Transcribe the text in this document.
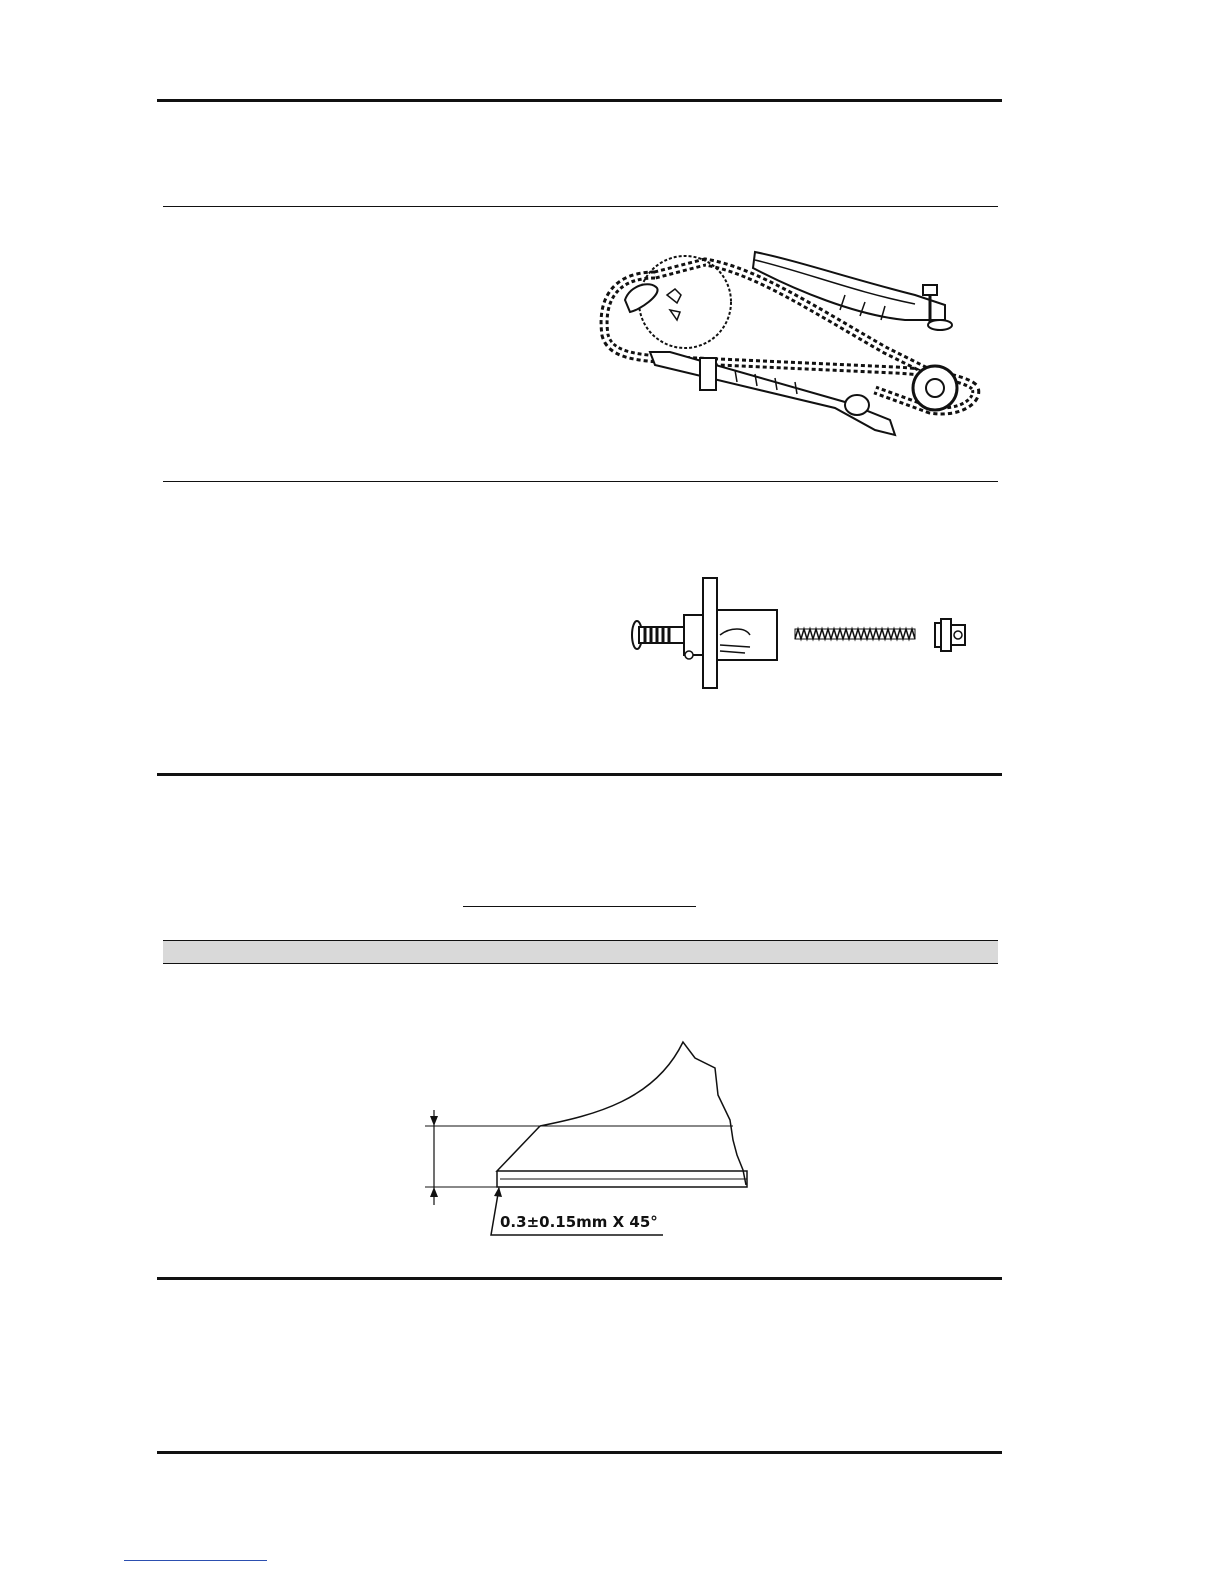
0.3±0.15mm X 45°
